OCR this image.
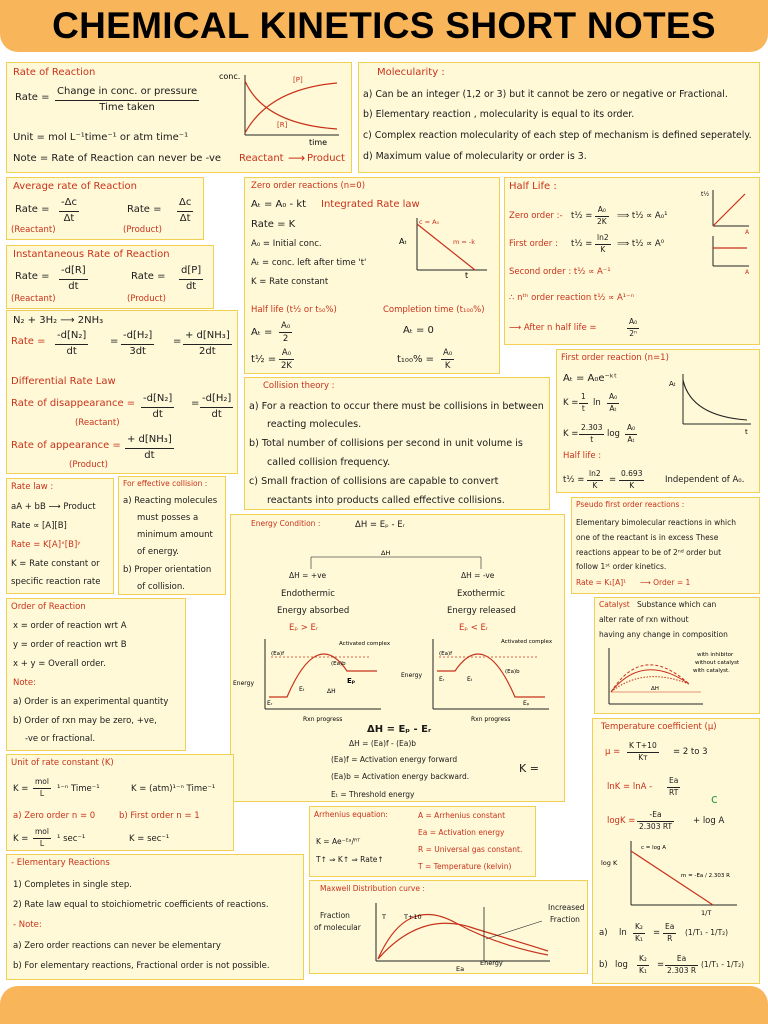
CHEMICAL KINETICS SHORT NOTES
Rate of Reaction
Rate =
Change in conc. or pressure
Time taken
Unit = mol L⁻¹time⁻¹ or atm time⁻¹
Note = Rate of Reaction can never be -ve Reactant ⟶ Product
conc.	[P]
[R]
time
Molecularity :
a) Can be an integer (1,2 or 3) but it cannot be zero or negative or Fractional.
b) Elementary reaction , molecularity is equal to its order.
c) Complex reaction molecularity of each step of mechanism is defined seperately.
d) Maximum value of molecularity or order is 3.
Average rate of Reaction
Rate = $\frac{-\Delta c}{\Delta t}$	Rate = $\frac{\Delta c}{\Delta t}$
(Reactant)	(Product)
Instantaneous Rate of Reaction
Rate = $\frac{-d[R]}{dt}$	Rate = $\frac{d[P]}{dt}$
(Reactant)	(Product)
N₂ + 3H₂ ⟶ 2NH₃
Rate = $\frac{\text{-d[N₂]}}{dt} = \frac{\text{-d[H₂]}}{3dt} = \frac{\text{+ d[NH₃]}}{2dt}$
Differential Rate Law
Rate of disappearance = $\frac{\text{-d[N₂]}}{dt} = \frac{\text{-d[H₂]}}{dt}$
(Reactant)
Rate of appearance = $\frac{\text{+ d[NH₃]}}{dt}$
(Product)
Zero order reactions (n=0)
Aₜ = A₀ - kt Integrated Rate law
Rate = K
A₀ = Initial conc.
Aₜ = conc. left after time 't'
K = Rate constant
c = A₀
m = -k
Aₜ
t
Half life (t½ or t₅₀%)	Completion time (t₁₀₀%)
$A_t = \frac{\text{A₀}}{2}$	Aₜ = 0
t½ = $\frac{\text{A₀}}{2K}$	$t_{100}\% = \frac{\text{A₀}}{K}$
Half Life :
Zero order :- t½ = $\frac{\text{A₀}}{2K}$ ⟹ t½ ∝ A₀¹
First order : t½ = $\frac{\ln 2}{K}$ ⟹ t½ ∝ A⁰
Second order : t½ ∝ A⁻¹
∴ nᵗʰ order reaction t½ ∝ A¹⁻ⁿ
⟶ After n half life =	$\frac{\text{A₀}}{\text{2ⁿ}}$
t½
A
A
First order reaction (n=1)
Aₜ = A₀e⁻ᵏᵗ
$K = \frac{1}{t}$ $\ln \frac{\text{A₀}}{\text{Aₜ}}$
$K = \frac{2.303}{t}$ $\log \frac{\text{A₀}}{\text{Aₜ}}$
Half life :
t½ = $\frac{\ln 2}{K} = \frac{0.693}{K}$ Independent of A₀.
Aₜ
t
Collision theory :
a) For a reaction to occur there must be collisions in between
reacting molecules.
b) Total number of collisions per second in unit volume is
called collision frequency.
c) Small fraction of collisions are capable to convert
reactants into products called effective collisions.
Rate law :
aA + bB ⟶ Product
Rate ∝ [A][B]
Rate = K[A]ˣ[B]ʸ
K = Rate constant or
specific reaction rate
For effective collision :
a) Reacting molecules
must posses a
minimum amount
of energy.
b) Proper orientation
of collision.
Pseudo first order reactions :
Elementary bimolecular reactions in which
one of the reactant is in excess These
reactions appear to be of 2ⁿᵈ order but
follow 1ˢᵗ order kinetics.
Rate = K₁[A]¹ ⟶ Order = 1
Energy Condition :	ΔH = Eₚ - Eᵣ
ΔH
ΔH = +ve
Endothermic
Energy absorbed
Eₚ > Eᵣ
ΔH = -ve
Exothermic
Energy released
Eₚ < Eᵣ
Energy
Activated complex
(Ea)f
(Ea)b
Eᵣ
Eₜ	ΔH
Eₚ
Rxn progress
Energy
Activated complex
(Ea)f
(Ea)b
Eᵣ	Eₜ
Eₚ
Rxn progress
ΔH = Eₚ - Eᵣ
ΔH = (Ea)f - (Ea)b
(Ea)f = Activation energy forward
(Ea)b = Activation energy backward.
Eₜ = Threshold energy
K =
Order of Reaction
x = order of reaction wrt A
y = order of reaction wrt B
x + y = Overall order.
Note:
a) Order is an experimental quantity
b) Order of rxn may be zero, +ve,
-ve or fractional.
Catalyst Substance which can
alter rate of rxn without
having any change in composition
with inhibitor
without catalyst
with catalyst.
ΔH
Temperature coefficient (μ)
$\mu = \frac{\text{K T+10}}{\text{Kᴛ}} = 2$ to 3
$\ln K = \ln A - \frac{Ea}{RT}$
$\log K = \frac{-Ea}{2.303 RT} + \log A$
c
log K
c = log A
m = -Ea / 2.303 R
1/T
a) $\ln \frac{\text{K₂}}{\text{K₁}} = \frac{Ea}{R} (1/T_1 - 1/T_2)$
b) $\log \frac{\text{K₂}}{\text{K₁}} = \frac{Ea}{2.303 R} (1/T_1 - 1/T_2)$
Unit of rate constant (K)
K =
mol
L	¹⁻ⁿ Time⁻¹	K = (atm)¹⁻ⁿ Time⁻¹
a) Zero order n = 0	b) First order n = 1
K =
mol
L	¹ sec⁻¹	K = sec⁻¹
Arrhenius equation:
K = Ae⁻ᴱᵃ/ᴿᵀ
T↑ ⇒ K↑ ⇒ Rate↑
A = Arrhenius constant
Ea = Activation energy
R = Universal gas constant.
T = Temperature (kelvin)
- Elementary Reactions
1) Completes in single step.
2) Rate law equal to stoichiometric coefficients of reactions.
- Note:
a) Zero order reactions can never be elementary
b) For elementary reactions, Fractional order is not possible.
Maxwell Distribution curve :
Fraction
of molecular
Increased
Fraction
T	T+10
Ea
Energy
